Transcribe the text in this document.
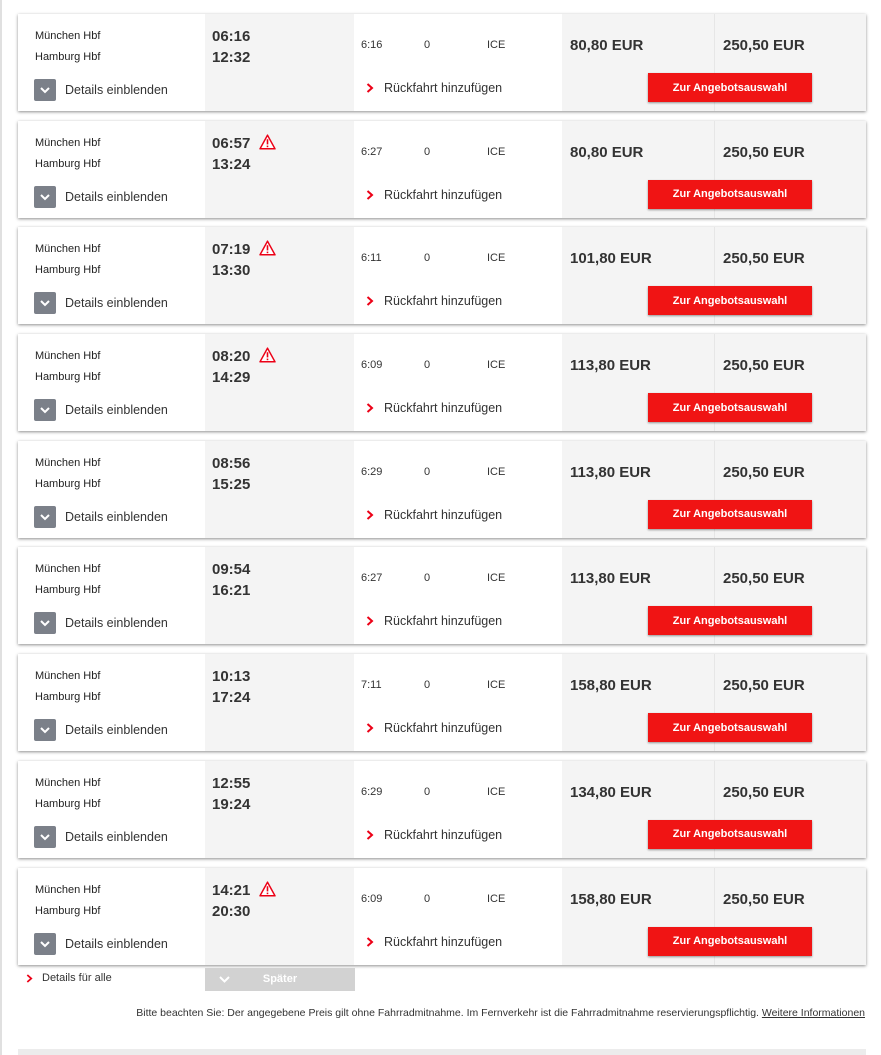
München Hbf
Hamburg Hbf
Details einblenden
06:16
12:32
6:16	0	ICE
Rückfahrt hinzufügen
80,80 EUR
Zur Angebotsauswahl
250,50 EUR
München Hbf
Hamburg Hbf
Details einblenden
06:57
13:24
6:27	0	ICE
Rückfahrt hinzufügen
80,80 EUR
Zur Angebotsauswahl
250,50 EUR
München Hbf
Hamburg Hbf
Details einblenden
07:19
13:30
6:11	0	ICE
Rückfahrt hinzufügen
101,80 EUR
Zur Angebotsauswahl
250,50 EUR
München Hbf
Hamburg Hbf
Details einblenden
08:20
14:29
6:09	0	ICE
Rückfahrt hinzufügen
113,80 EUR
Zur Angebotsauswahl
250,50 EUR
München Hbf
Hamburg Hbf
Details einblenden
08:56
15:25
6:29	0	ICE
Rückfahrt hinzufügen
113,80 EUR
Zur Angebotsauswahl
250,50 EUR
München Hbf
Hamburg Hbf
Details einblenden
09:54
16:21
6:27	0	ICE
Rückfahrt hinzufügen
113,80 EUR
Zur Angebotsauswahl
250,50 EUR
München Hbf
Hamburg Hbf
Details einblenden
10:13
17:24
7:11	0	ICE
Rückfahrt hinzufügen
158,80 EUR
Zur Angebotsauswahl
250,50 EUR
München Hbf
Hamburg Hbf
Details einblenden
12:55
19:24
6:29	0	ICE
Rückfahrt hinzufügen
134,80 EUR
Zur Angebotsauswahl
250,50 EUR
München Hbf
Hamburg Hbf
Details einblenden
14:21
20:30
6:09	0	ICE
Rückfahrt hinzufügen
158,80 EUR
Zur Angebotsauswahl
250,50 EUR
Details für alle	Später
Bitte beachten Sie: Der angegebene Preis gilt ohne Fahrradmitnahme. Im Fernverkehr ist die Fahrradmitnahme reservierungspflichtig. Weitere Informationen
